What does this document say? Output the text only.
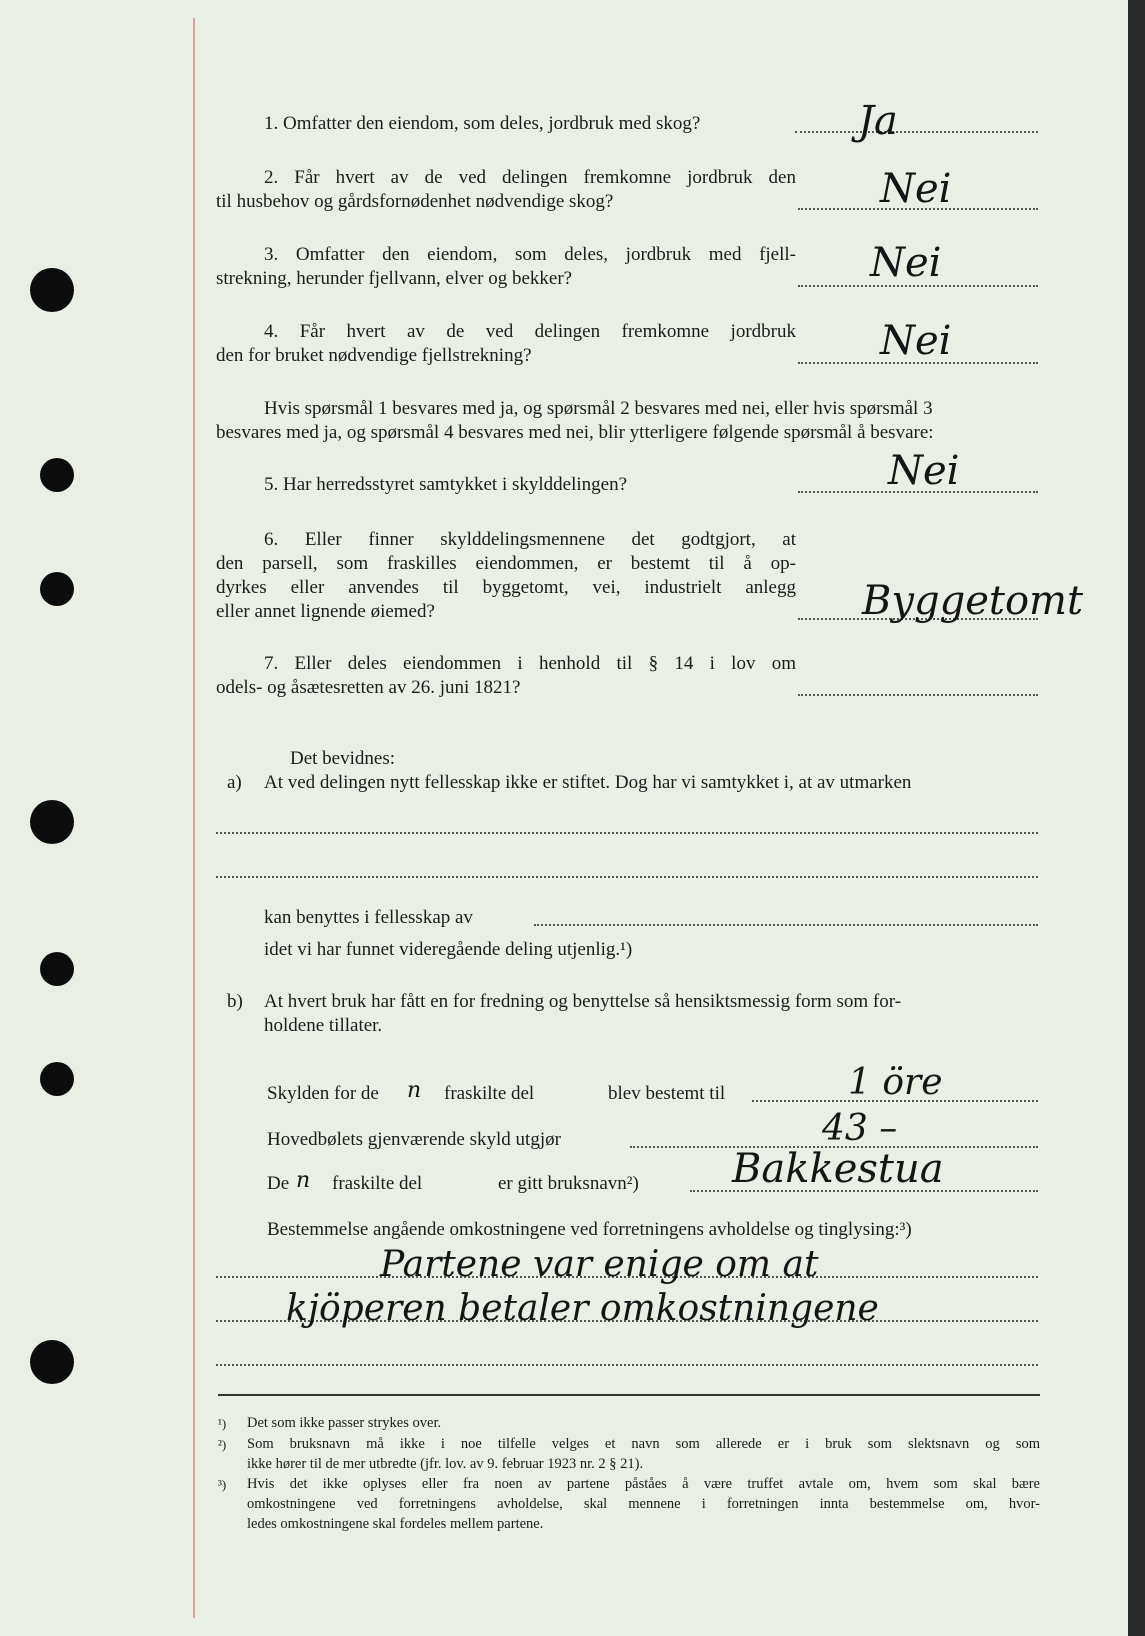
1. Omfatter den eiendom, som deles, jordbruk med skog?	Ja
2. Får hvert av de ved delingen fremkomne jordbruk den
til husbehov og gårdsfornødenhet nødvendige skog?	Nei
3. Omfatter den eiendom, som deles, jordbruk med fjell-
strekning, herunder fjellvann, elver og bekker?	Nei
4. Får hvert av de ved delingen fremkomne jordbruk
den for bruket nødvendige fjellstrekning?	Nei
Hvis spørsmål 1 besvares med ja, og spørsmål 2 besvares med nei, eller hvis spørsmål 3
besvares med ja, og spørsmål 4 besvares med nei, blir ytterligere følgende spørsmål å besvare:
5. Har herredsstyret samtykket i skylddelingen?	Nei
6. Eller finner skylddelingsmennene det godtgjort, at
den parsell, som fraskilles eiendommen, er bestemt til å op-
dyrkes eller anvendes til byggetomt, vei, industrielt anlegg
eller annet lignende øiemed?	Byggetomt
7. Eller deles eiendommen i henhold til § 14 i lov om
odels- og åsætesretten av 26. juni 1821?
Det bevidnes:
a) At ved delingen nytt fellesskap ikke er stiftet. Dog har vi samtykket i, at av utmarken
kan benyttes i fellesskap av
idet vi har funnet videregående deling utjenlig.¹)
b) At hvert bruk har fått en for fredning og benyttelse så hensiktsmessig form som for-
holdene tillater.
Skylden for de n fraskilte del	blev bestemt til	1 öre
Hovedbølets gjenværende skyld utgjør	43 –
De n fraskilte del	er gitt bruksnavn²) Bakkestua
Bestemmelse angående omkostningene ved forretningens avholdelse og tinglysing:³)
Partene var enige om at
kjöperen betaler omkostningene
¹) Det som ikke passer strykes over.
²) Som bruksnavn må ikke i noe tilfelle velges et navn som allerede er i bruk som slektsnavn og som
ikke hører til de mer utbredte (jfr. lov. av 9. februar 1923 nr. 2 § 21).
³) Hvis det ikke oplyses eller fra noen av partene påståes å være truffet avtale om, hvem som skal bære
omkostningene ved forretningens avholdelse, skal mennene i forretningen innta bestemmelse om, hvor-
ledes omkostningene skal fordeles mellem partene.
